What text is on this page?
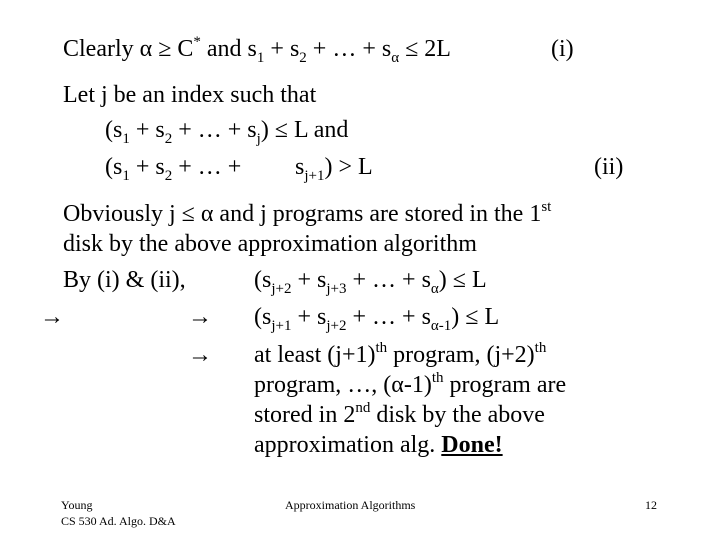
Clearly α ≥ C* and $s_1 + s_2$ + … + $s_\alpha \le 2L$	(i)
Let j be an index such that
($s_1 + s_2$ + … + $s_j) \le L$ and
($s_1 + s_2$ + … + $s_{j+1}) > L$	(ii)
Obviously j ≤ α and j programs are stored in the 1st
disk by the above approximation algorithm
By (i) & (ii),	($s_{j+2} + s_{j+3}$ + … + $s_\alpha) \le L$
→	→ ($s_{j+1} + s_{j+2}$ + … + $s_{\alpha-1}) \le L$
→ at least $(j+1)^{th}$ program, $(j+2)^{th}$
program, …, $(\alpha-1)^{th}$ program are
stored in 2nd disk by the above
approximation alg. Done!
Young
CS 530 Ad. Algo. D&A
Approximation Algorithms	12
